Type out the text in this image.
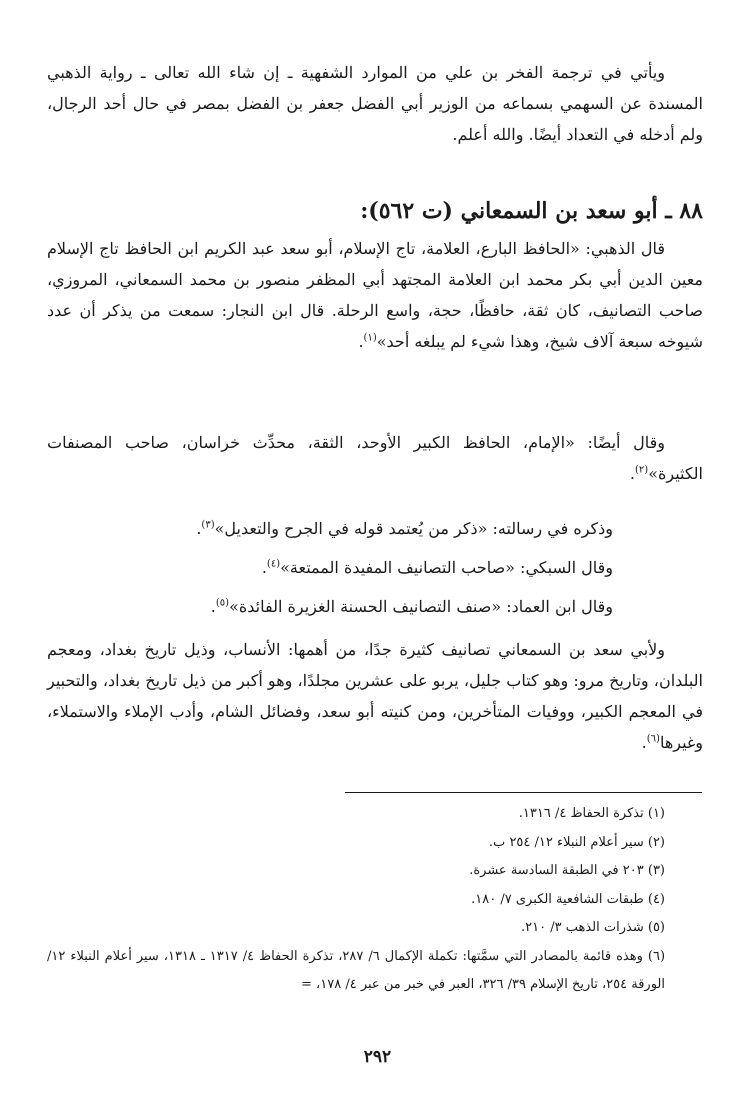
ويأتي في ترجمة الفخر بن علي من الموارد الشفهية ـ إن شاء الله تعالى ـ رواية الذهبي المسندة عن السهمي بسماعه من الوزير أبي الفضل جعفر بن الفضل بمصر في حال أحد الرجال، ولم أدخله في التعداد أيضًا. والله أعلم.

٨٨ ـ أبو سعد بن السمعاني (ت ٥٦٢):

قال الذهبي: «الحافظ البارع، العلامة، تاج الإسلام، أبو سعد عبد الكريم ابن الحافظ تاج الإسلام معين الدين أبي بكر محمد ابن العلامة المجتهد أبي المظفر منصور بن محمد السمعاني، المروزي، صاحب التصانيف، كان ثقة، حافظًا، حجة، واسع الرحلة. قال ابن النجار: سمعت من يذكر أن عدد شيوخه سبعة آلاف شيخ، وهذا شيء لم يبلغه أحد»$^{(١)}$.

وقال أيضًا: «الإمام، الحافظ الكبير الأوحد، الثقة، محدِّث خراسان، صاحب المصنفات الكثيرة»$^{(٢)}$.

وذكره في رسالته: «ذكر من يُعتمد قوله في الجرح والتعديل»$^{(٣)}$.

وقال السبكي: «صاحب التصانيف المفيدة الممتعة»$^{(٤)}$.

وقال ابن العماد: «صنف التصانيف الحسنة الغزيرة الفائدة»$^{(٥)}$.

ولأبي سعد بن السمعاني تصانيف كثيرة جدًا، من أهمها: الأنساب، وذيل تاريخ بغداد، ومعجم البلدان، وتاريخ مرو: وهو كتاب جليل، يربو على عشرين مجلدًا، وهو أكبر من ذيل تاريخ بغداد، والتحبير في المعجم الكبير، ووفيات المتأخرين، ومن كنيته أبو سعد، وفضائل الشام، وأدب الإملاء والاستملاء، وغيرها$^{(٦)}$.

(١) تذكرة الحفاظ ٤/ ١٣١٦.

(٢) سير أعلام النبلاء ١٢/ ٢٥٤ ب.

(٣) ٢٠٣ في الطبقة السادسة عشرة.

(٤) طبقات الشافعية الكبرى ٧/ ١٨٠.

(٥) شذرات الذهب ٣/ ٢١٠.

(٦) وهذه قائمة بالمصادر التي سمَّتها: تكملة الإكمال ٦/ ٢٨٧، تذكرة الحفاظ ٤/ ١٣١٧ ـ ١٣١٨، سير أعلام النبلاء ١٢/ الورقة ٢٥٤، تاريخ الإسلام ٣٩/ ٣٢٦، العبر في خبر من عبر ٤/ ١٧٨، =

٢٩٢
